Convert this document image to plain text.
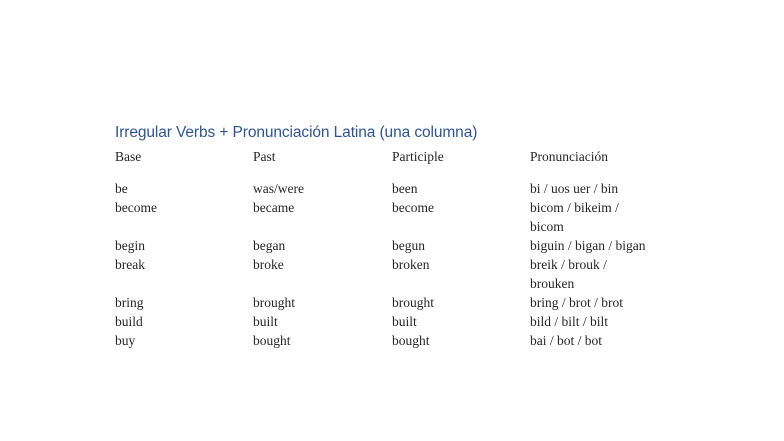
Irregular Verbs + Pronunciación Latina (una columna)
Base	Past	Participle	Pronunciación
be	was/were	been	bi / uos uer / bin
become	became	become	bicom / bikeim / bicom
begin	began	begun	biguin / bigan / bigan
break	broke	broken	breik / brouk / brouken
bring	brought	brought	bring / brot / brot
build	built	built	bild / bilt / bilt
buy	bought	bought	bai / bot / bot
